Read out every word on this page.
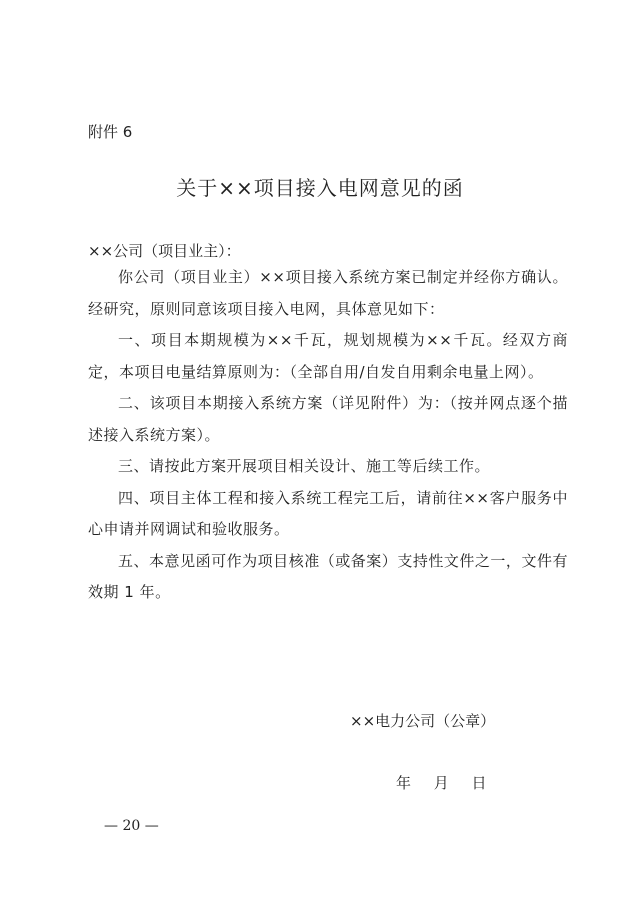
附件 6
关于××项目接入电网意见的函
××公司（项目业主）：

你公司（项目业主）××项目接入系统方案已制定并经你方确认。经研究，原则同意该项目接入电网，具体意见如下：

一、项目本期规模为××千瓦，规划规模为××千瓦。经双方商定，本项目电量结算原则为：（全部自用/自发自用剩余电量上网）。

二、该项目本期接入系统方案（详见附件）为：（按并网点逐个描述接入系统方案）。

三、请按此方案开展项目相关设计、施工等后续工作。

四、项目主体工程和接入系统工程完工后，请前往××客户服务中心申请并网调试和验收服务。

五、本意见函可作为项目核准（或备案）支持性文件之一，文件有效期 1 年。

××电力公司（公章）
年 月 日
— 20 —
